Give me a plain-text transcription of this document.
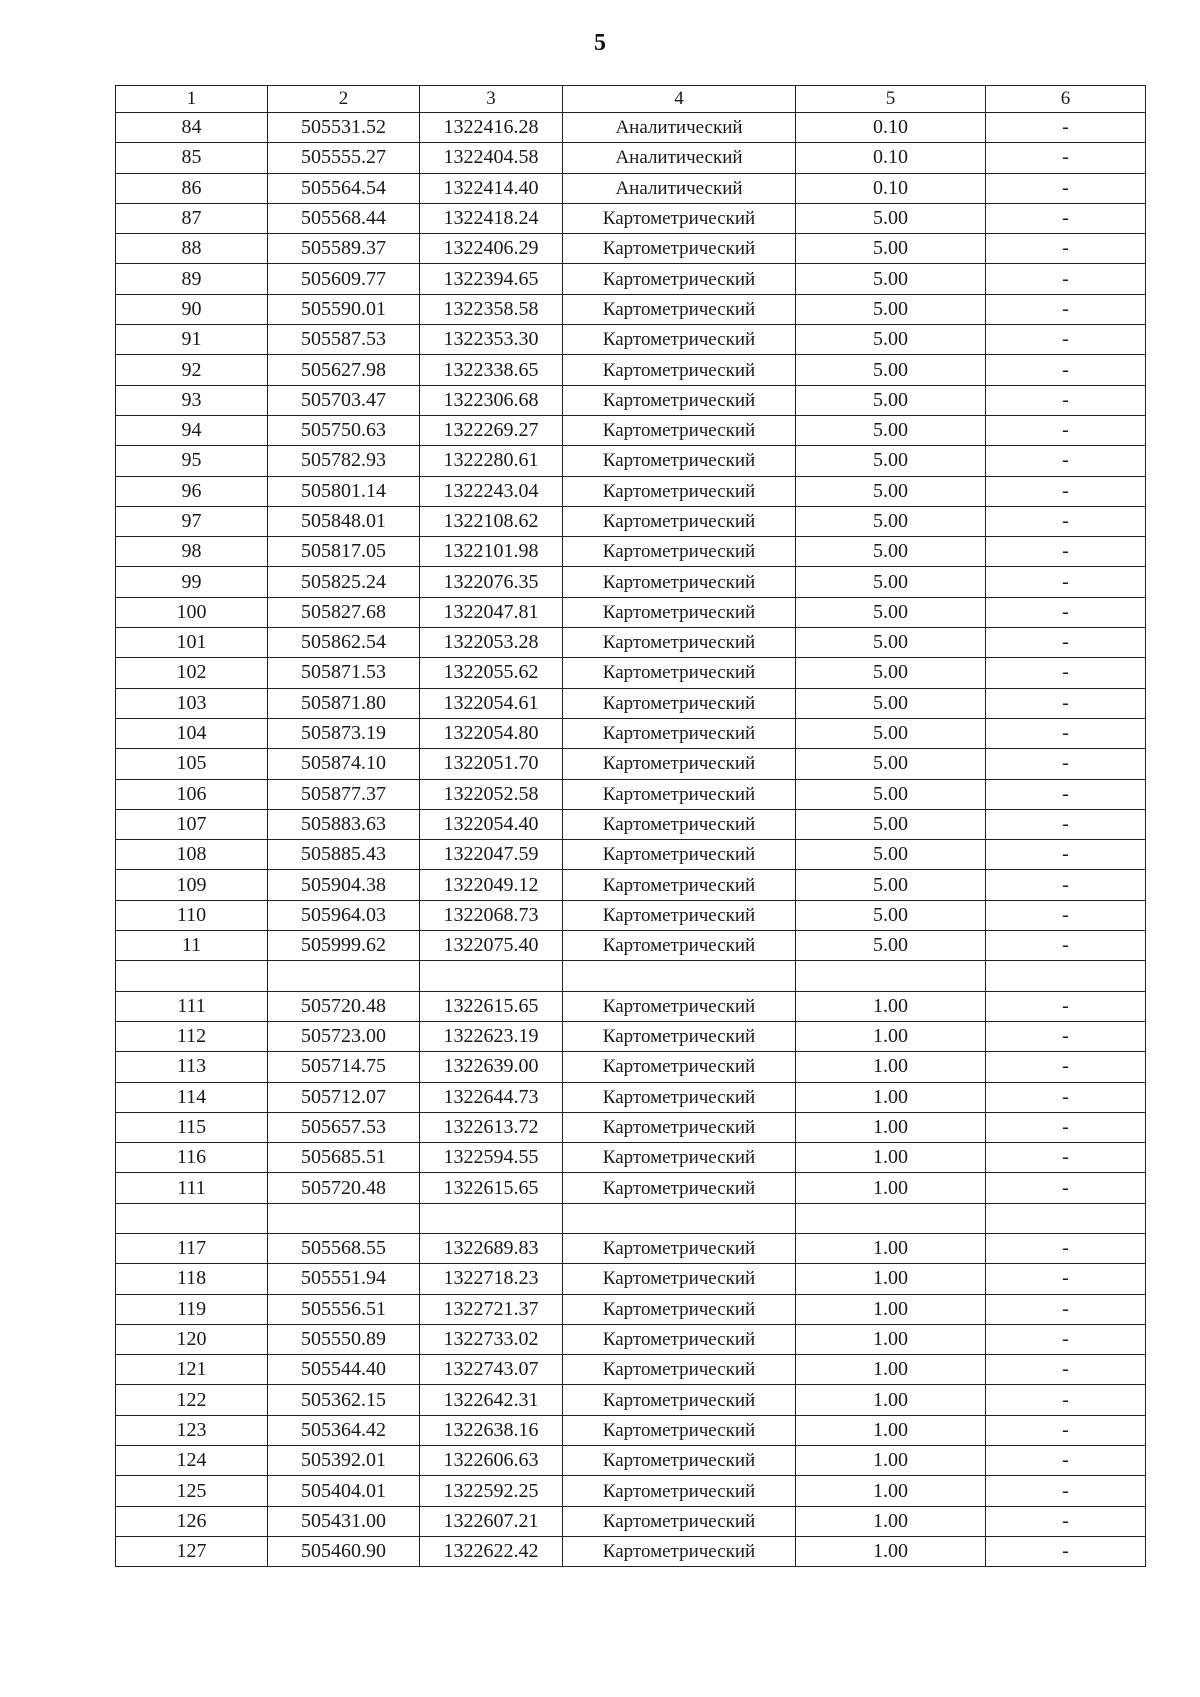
5
1	2	3	4	5	6
84	505531.52	1322416.28	Аналитический	0.10	-
85	505555.27	1322404.58	Аналитический	0.10	-
86	505564.54	1322414.40	Аналитический	0.10	-
87	505568.44	1322418.24	Картометрический	5.00	-
88	505589.37	1322406.29	Картометрический	5.00	-
89	505609.77	1322394.65	Картометрический	5.00	-
90	505590.01	1322358.58	Картометрический	5.00	-
91	505587.53	1322353.30	Картометрический	5.00	-
92	505627.98	1322338.65	Картометрический	5.00	-
93	505703.47	1322306.68	Картометрический	5.00	-
94	505750.63	1322269.27	Картометрический	5.00	-
95	505782.93	1322280.61	Картометрический	5.00	-
96	505801.14	1322243.04	Картометрический	5.00	-
97	505848.01	1322108.62	Картометрический	5.00	-
98	505817.05	1322101.98	Картометрический	5.00	-
99	505825.24	1322076.35	Картометрический	5.00	-
100	505827.68	1322047.81	Картометрический	5.00	-
101	505862.54	1322053.28	Картометрический	5.00	-
102	505871.53	1322055.62	Картометрический	5.00	-
103	505871.80	1322054.61	Картометрический	5.00	-
104	505873.19	1322054.80	Картометрический	5.00	-
105	505874.10	1322051.70	Картометрический	5.00	-
106	505877.37	1322052.58	Картометрический	5.00	-
107	505883.63	1322054.40	Картометрический	5.00	-
108	505885.43	1322047.59	Картометрический	5.00	-
109	505904.38	1322049.12	Картометрический	5.00	-
110	505964.03	1322068.73	Картометрический	5.00	-
11	505999.62	1322075.40	Картометрический	5.00	-

111	505720.48	1322615.65	Картометрический	1.00	-
112	505723.00	1322623.19	Картометрический	1.00	-
113	505714.75	1322639.00	Картометрический	1.00	-
114	505712.07	1322644.73	Картометрический	1.00	-
115	505657.53	1322613.72	Картометрический	1.00	-
116	505685.51	1322594.55	Картометрический	1.00	-
111	505720.48	1322615.65	Картометрический	1.00	-

117	505568.55	1322689.83	Картометрический	1.00	-
118	505551.94	1322718.23	Картометрический	1.00	-
119	505556.51	1322721.37	Картометрический	1.00	-
120	505550.89	1322733.02	Картометрический	1.00	-
121	505544.40	1322743.07	Картометрический	1.00	-
122	505362.15	1322642.31	Картометрический	1.00	-
123	505364.42	1322638.16	Картометрический	1.00	-
124	505392.01	1322606.63	Картометрический	1.00	-
125	505404.01	1322592.25	Картометрический	1.00	-
126	505431.00	1322607.21	Картометрический	1.00	-
127	505460.90	1322622.42	Картометрический	1.00	-
